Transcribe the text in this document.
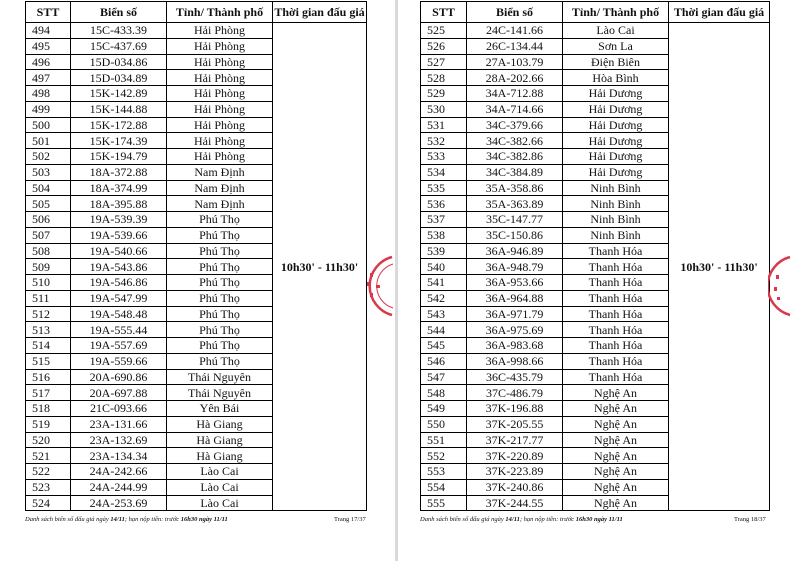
STT	Biển số	Tỉnh/ Thành phố	Thời gian đấu giá
494	15C-433.39	Hải Phòng	10h30' - 11h30'
495	15C-437.69	Hải Phòng	
496	15D-034.86	Hải Phòng	
497	15D-034.89	Hải Phòng	
498	15K-142.89	Hải Phòng	
499	15K-144.88	Hải Phòng	
500	15K-172.88	Hải Phòng	
501	15K-174.39	Hải Phòng	
502	15K-194.79	Hải Phòng	
503	18A-372.88	Nam Định	
504	18A-374.99	Nam Định	
505	18A-395.88	Nam Định	
506	19A-539.39	Phú Thọ	
507	19A-539.66	Phú Thọ	
508	19A-540.66	Phú Thọ	
509	19A-543.86	Phú Thọ	
510	19A-546.86	Phú Thọ	
511	19A-547.99	Phú Thọ	
512	19A-548.48	Phú Thọ	
513	19A-555.44	Phú Thọ	
514	19A-557.69	Phú Thọ	
515	19A-559.66	Phú Thọ	
516	20A-690.86	Thái Nguyên	
517	20A-697.88	Thái Nguyên	
518	21C-093.66	Yên Bái	
519	23A-131.66	Hà Giang	
520	23A-132.69	Hà Giang	
521	23A-134.34	Hà Giang	
522	24A-242.66	Lào Cai	
523	24A-244.99	Lào Cai	
524	24A-253.69	Lào Cai	
Danh sách biển số đấu giá ngày 14/11; hạn nộp tiền: trước 16h30 ngày 11/11	Trang 17/37
STT	Biển số	Tỉnh/ Thành phố	Thời gian đấu giá
525	24C-141.66	Lào Cai	10h30' - 11h30'
526	26C-134.44	Sơn La	
527	27A-103.79	Điện Biên	
528	28A-202.66	Hòa Bình	
529	34A-712.88	Hải Dương	
530	34A-714.66	Hải Dương	
531	34C-379.66	Hải Dương	
532	34C-382.66	Hải Dương	
533	34C-382.86	Hải Dương	
534	34C-384.89	Hải Dương	
535	35A-358.86	Ninh Bình	
536	35A-363.89	Ninh Bình	
537	35C-147.77	Ninh Bình	
538	35C-150.86	Ninh Bình	
539	36A-946.89	Thanh Hóa	
540	36A-948.79	Thanh Hóa	
541	36A-953.66	Thanh Hóa	
542	36A-964.88	Thanh Hóa	
543	36A-971.79	Thanh Hóa	
544	36A-975.69	Thanh Hóa	
545	36A-983.68	Thanh Hóa	
546	36A-998.66	Thanh Hóa	
547	36C-435.79	Thanh Hóa	
548	37C-486.79	Nghệ An	
549	37K-196.88	Nghệ An	
550	37K-205.55	Nghệ An	
551	37K-217.77	Nghệ An	
552	37K-220.89	Nghệ An	
553	37K-223.89	Nghệ An	
554	37K-240.86	Nghệ An	
555	37K-244.55	Nghệ An	
Danh sách biển số đấu giá ngày 14/11; hạn nộp tiền: trước 16h30 ngày 11/11	Trang 18/37
